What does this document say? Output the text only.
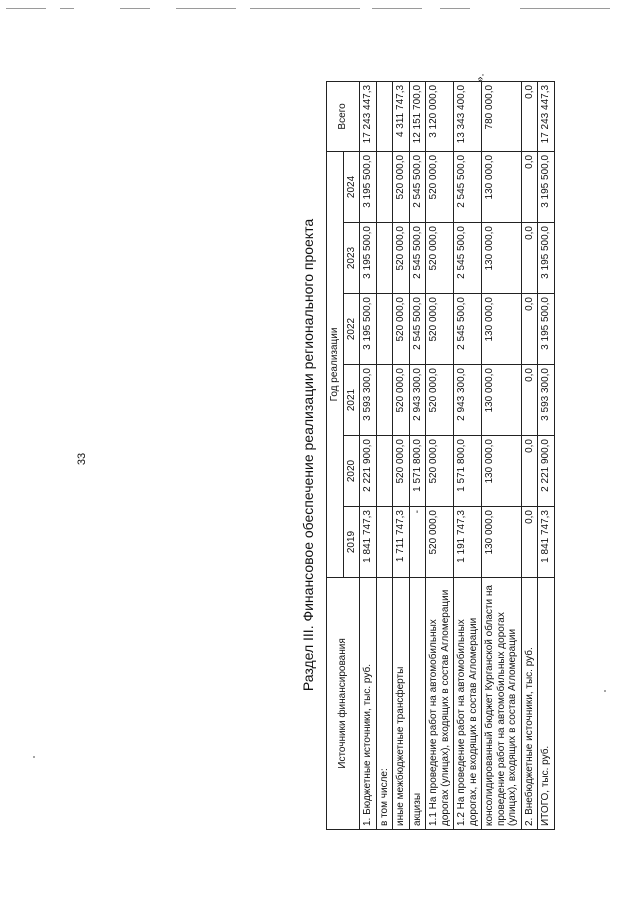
33
».
Раздел III. Финансовое обеспечение реализации регионального проекта
Источники финансирования	Год реализации						Всего
	2019	2020	2021	2022	2023	2024	
1. Бюджетные источники, тыс. руб.	1 841 747,3	2 221 900,0	3 593 300,0	3 195 500,0	3 195 500,0	3 195 500,0	17 243 447,3
в том числе:							
иные межбюджетные трансферты	1 711 747,3	520 000,0	520 000,0	520 000,0	520 000,0	520 000,0	4 311 747,3
акцизы	-	1 571 800,0	2 943 300,0	2 545 500,0	2 545 500,0	2 545 500,0	12 151 700,0
1.1 На проведение работ на автомобильных дорогах (улицах), входящих в состав Агломерации	520 000,0	520 000,0	520 000,0	520 000,0	520 000,0	520 000,0	3 120 000,0
1.2 На проведение работ на автомобильных дорогах, не входящих в состав Агломерации	1 191 747,3	1 571 800,0	2 943 300,0	2 545 500,0	2 545 500,0	2 545 500,0	13 343 400,0
консолидированный бюджет Курганской области на проведение работ на автомобильных дорогах (улицах), входящих в состав Агломерации	130 000,0	130 000,0	130 000,0	130 000,0	130 000,0	130 000,0	780 000,0
2. Внебюджетные источники, тыс. руб.	0,0	0,0	0,0	0,0	0,0	0,0	0,0
ИТОГО, тыс. руб.	1 841 747,3	2 221 900,0	3 593 300,0	3 195 500,0	3 195 500,0	3 195 500,0	17 243 447,3
